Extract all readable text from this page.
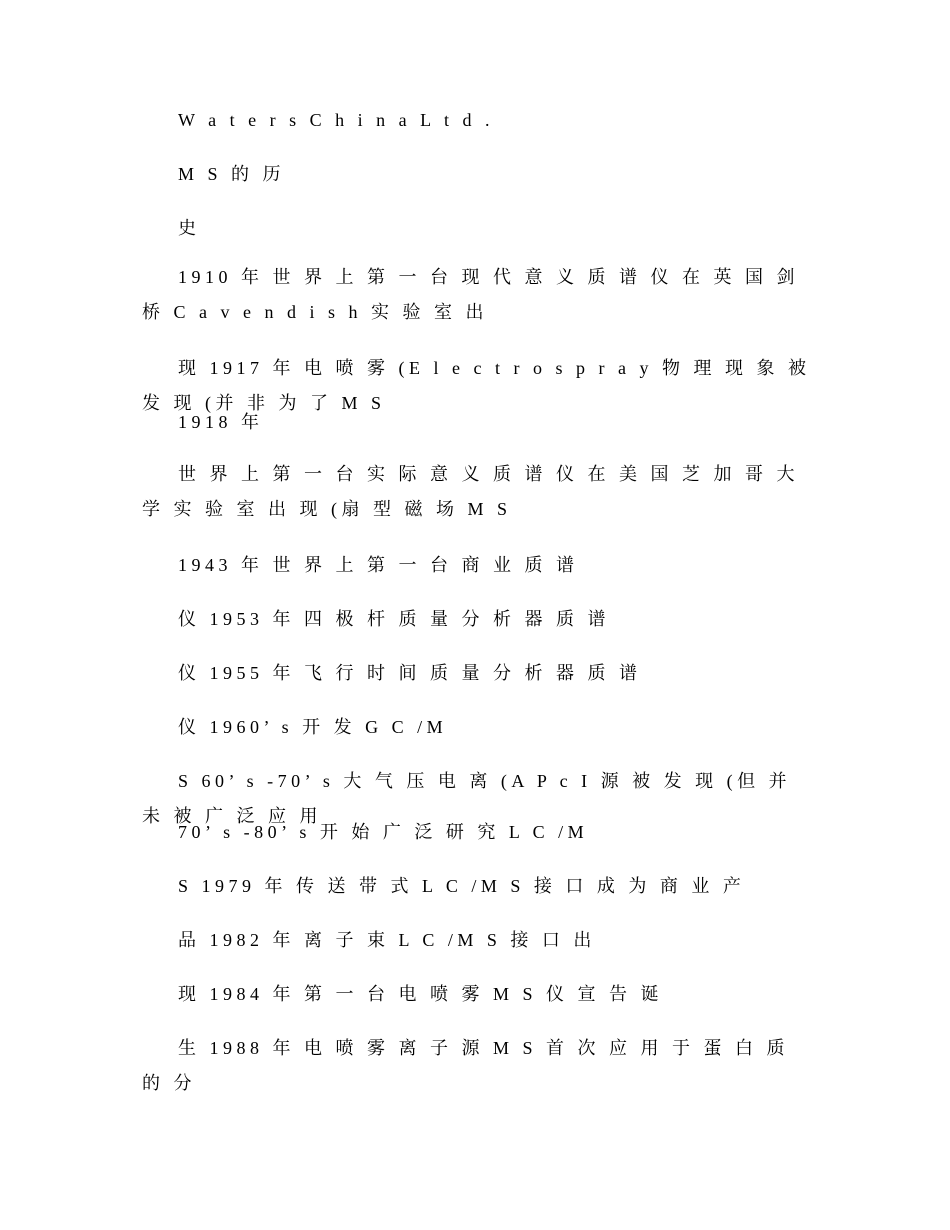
W a t e r s C h i n a L t d .

M S 的 历

史

1910 年 世 界 上 第 一 台 现 代 意 义 质 谱 仪 在 英 国 剑 桥 C a v e n d i s h 实 验 室 出

现 1917 年 电 喷 雾 (E l e c t r o s p r a y 物 理 现 象 被 发 现 (并 非 为 了 M S

1918 年

世 界 上 第 一 台 实 际 意 义 质 谱 仪 在 美 国 芝 加 哥 大 学 实 验 室 出 现 (扇 型 磁 场 M S

1943 年 世 界 上 第 一 台 商 业 质 谱

仪 1953 年 四 极 杆 质 量 分 析 器 质 谱

仪 1955 年 飞 行 时 间 质 量 分 析 器 质 谱

仪 1960’ s 开 发 G C /M

S 60’ s -70’ s 大 气 压 电 离 (A P c I 源 被 发 现 (但 并 未 被 广 泛 应 用

70’ s -80’ s 开 始 广 泛 研 究 L C /M

S 1979 年 传 送 带 式 L C /M S 接 口 成 为 商 业 产

品 1982 年 离 子 束 L C /M S 接 口 出

现 1984 年 第 一 台 电 喷 雾 M S 仪 宣 告 诞

生 1988 年 电 喷 雾 离 子 源 M S 首 次 应 用 于 蛋 白 质 的 分
